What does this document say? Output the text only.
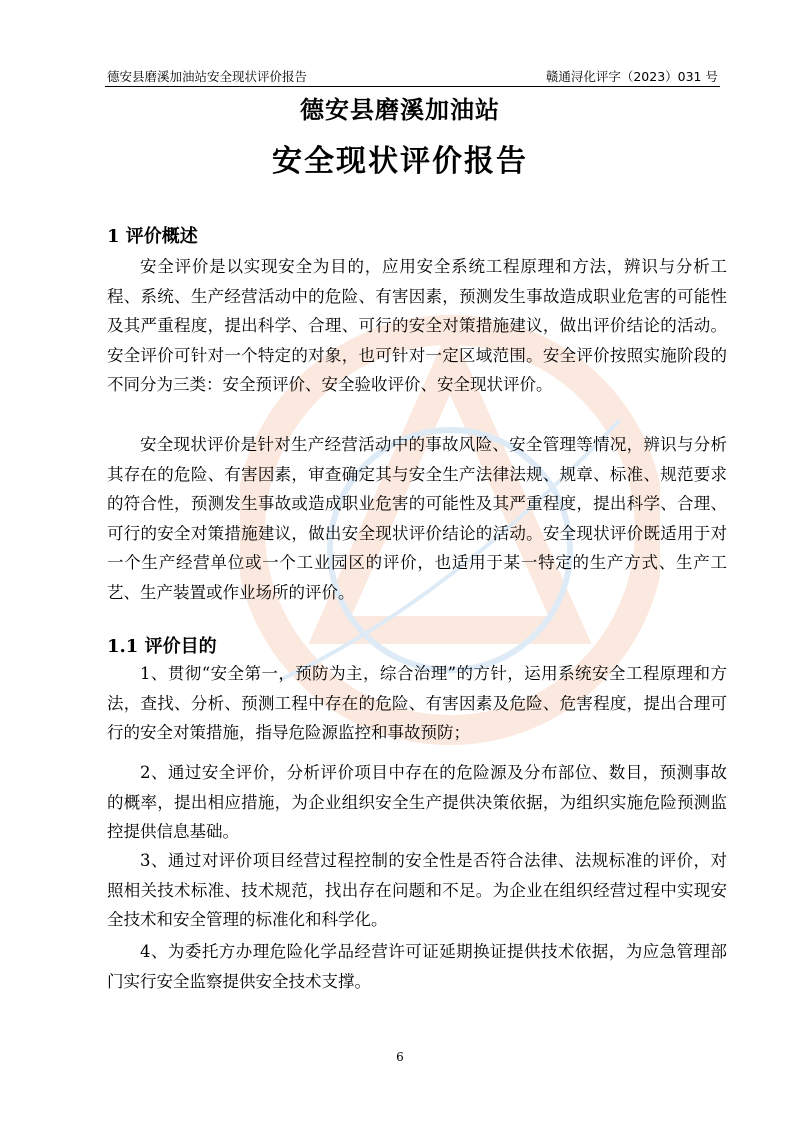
德安县磨溪加油站安全现状评价报告	赣通浔化评字（2023）031 号
德安县磨溪加油站
安全现状评价报告
1 评价概述
安全评价是以实现安全为目的，应用安全系统工程原理和方法，辨识与分析工程、系统、生产经营活动中的危险、有害因素，预测发生事故造成职业危害的可能性及其严重程度，提出科学、合理、可行的安全对策措施建议，做出评价结论的活动。安全评价可针对一个特定的对象，也可针对一定区域范围。安全评价按照实施阶段的不同分为三类：安全预评价、安全验收评价、安全现状评价。
安全现状评价是针对生产经营活动中的事故风险、安全管理等情况，辨识与分析其存在的危险、有害因素，审查确定其与安全生产法律法规、规章、标准、规范要求的符合性，预测发生事故或造成职业危害的可能性及其严重程度，提出科学、合理、可行的安全对策措施建议，做出安全现状评价结论的活动。安全现状评价既适用于对一个生产经营单位或一个工业园区的评价，也适用于某一特定的生产方式、生产工艺、生产装置或作业场所的评价。
1.1 评价目的
1、贯彻“安全第一，预防为主，综合治理”的方针，运用系统安全工程原理和方法，查找、分析、预测工程中存在的危险、有害因素及危险、危害程度，提出合理可行的安全对策措施，指导危险源监控和事故预防；
2、通过安全评价，分析评价项目中存在的危险源及分布部位、数目，预测事故的概率，提出相应措施，为企业组织安全生产提供决策依据，为组织实施危险预测监控提供信息基础。
3、通过对评价项目经营过程控制的安全性是否符合法律、法规标准的评价，对照相关技术标准、技术规范，找出存在问题和不足。为企业在组织经营过程中实现安全技术和安全管理的标准化和科学化。
4、为委托方办理危险化学品经营许可证延期换证提供技术依据，为应急管理部门实行安全监察提供安全技术支撑。
6
